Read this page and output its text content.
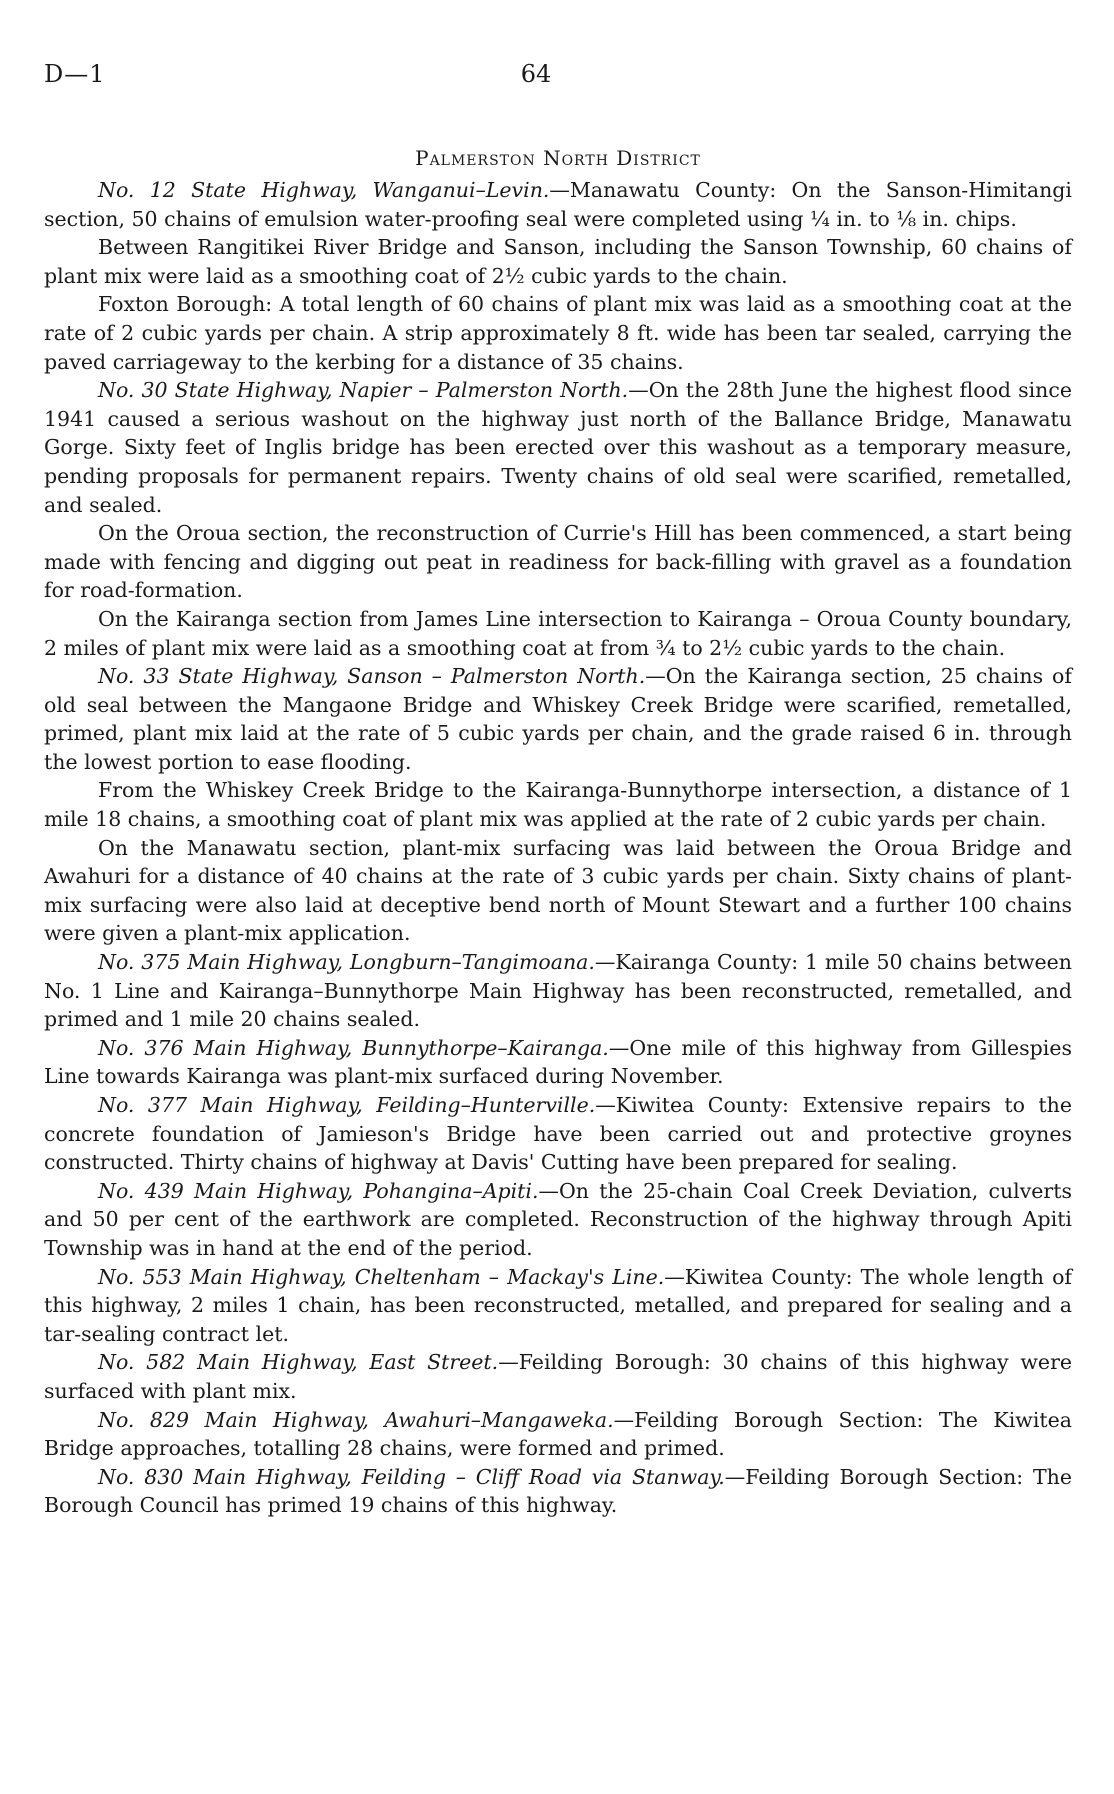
D—1	64
Palmerston North District

No. 12 State Highway, Wanganui–Levin.—Manawatu County: On the Sanson-Himitangi section, 50 chains of emulsion water-proofing seal were completed using ¼ in. to ⅛ in. chips.

Between Rangitikei River Bridge and Sanson, including the Sanson Township, 60 chains of plant mix were laid as a smoothing coat of 2½ cubic yards to the chain.

Foxton Borough: A total length of 60 chains of plant mix was laid as a smoothing coat at the rate of 2 cubic yards per chain. A strip approximately 8 ft. wide has been tar sealed, carrying the paved carriageway to the kerbing for a distance of 35 chains.

No. 30 State Highway, Napier – Palmerston North.—On the 28th June the highest flood since 1941 caused a serious washout on the highway just north of the Ballance Bridge, Manawatu Gorge. Sixty feet of Inglis bridge has been erected over this washout as a temporary measure, pending proposals for permanent repairs. Twenty chains of old seal were scarified, remetalled, and sealed.

On the Oroua section, the reconstruction of Currie's Hill has been commenced, a start being made with fencing and digging out peat in readiness for back-filling with gravel as a foundation for road-formation.

On the Kairanga section from James Line intersection to Kairanga – Oroua County boundary, 2 miles of plant mix were laid as a smoothing coat at from ¾ to 2½ cubic yards to the chain.

No. 33 State Highway, Sanson – Palmerston North.—On the Kairanga section, 25 chains of old seal between the Mangaone Bridge and Whiskey Creek Bridge were scarified, remetalled, primed, plant mix laid at the rate of 5 cubic yards per chain, and the grade raised 6 in. through the lowest portion to ease flooding.

From the Whiskey Creek Bridge to the Kairanga-Bunnythorpe intersection, a distance of 1 mile 18 chains, a smoothing coat of plant mix was applied at the rate of 2 cubic yards per chain.

On the Manawatu section, plant-mix surfacing was laid between the Oroua Bridge and Awahuri for a distance of 40 chains at the rate of 3 cubic yards per chain. Sixty chains of plant-mix surfacing were also laid at deceptive bend north of Mount Stewart and a further 100 chains were given a plant-mix application.

No. 375 Main Highway, Longburn–Tangimoana.—Kairanga County: 1 mile 50 chains between No. 1 Line and Kairanga–Bunnythorpe Main Highway has been reconstructed, remetalled, and primed and 1 mile 20 chains sealed.

No. 376 Main Highway, Bunnythorpe–Kairanga.—One mile of this highway from Gillespies Line towards Kairanga was plant-mix surfaced during November.

No. 377 Main Highway, Feilding–Hunterville.—Kiwitea County: Extensive repairs to the concrete foundation of Jamieson's Bridge have been carried out and protective groynes constructed. Thirty chains of highway at Davis' Cutting have been prepared for sealing.

No. 439 Main Highway, Pohangina–Apiti.—On the 25-chain Coal Creek Deviation, culverts and 50 per cent of the earthwork are completed. Reconstruction of the highway through Apiti Township was in hand at the end of the period.

No. 553 Main Highway, Cheltenham – Mackay's Line.—Kiwitea County: The whole length of this highway, 2 miles 1 chain, has been reconstructed, metalled, and prepared for sealing and a tar-sealing contract let.

No. 582 Main Highway, East Street.—Feilding Borough: 30 chains of this highway were surfaced with plant mix.

No. 829 Main Highway, Awahuri–Mangaweka.—Feilding Borough Section: The Kiwitea Bridge approaches, totalling 28 chains, were formed and primed.

No. 830 Main Highway, Feilding – Cliff Road via Stanway.—Feilding Borough Section: The Borough Council has primed 19 chains of this highway.
